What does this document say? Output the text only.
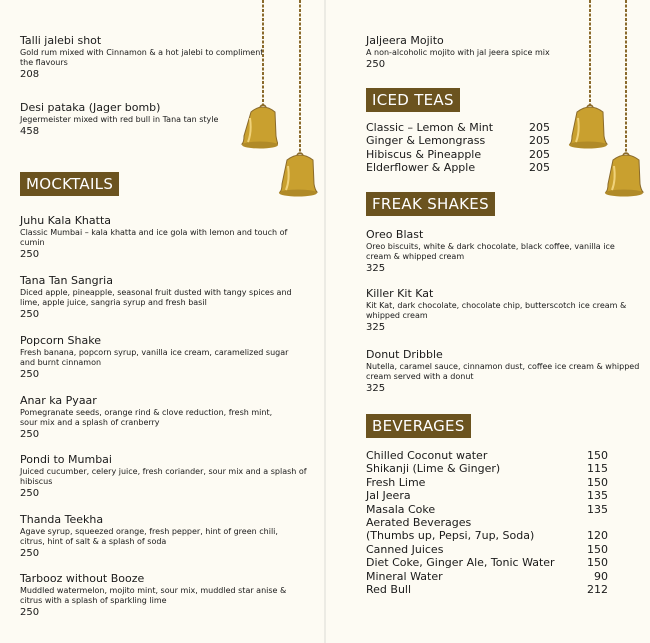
Talli jalebi shot
Gold rum mixed with Cinnamon & a hot jalebi to compliment the flavours
208
Desi pataka (Jager bomb)
Jegermeister mixed with red bull in Tana tan style
458
MOCKTAILS
Juhu Kala Khatta
Classic Mumbai – kala khatta and ice gola with lemon and touch of cumin
250
Tana Tan Sangria
Diced apple, pineapple, seasonal fruit dusted with tangy spices and lime, apple juice, sangria syrup and fresh basil
250
Popcorn Shake
Fresh banana, popcorn syrup, vanilla ice cream, caramelized sugar and burnt cinnamon
250
Anar ka Pyaar
Pomegranate seeds, orange rind & clove reduction, fresh mint, sour mix and a splash of cranberry
250
Pondi to Mumbai
Juiced cucumber, celery juice, fresh coriander, sour mix and a splash of hibiscus
250
Thanda Teekha
Agave syrup, squeezed orange, fresh pepper, hint of green chili, citrus, hint of salt & a splash of soda
250
Tarbooz without Booze
Muddled watermelon, mojito mint, sour mix, muddled star anise & citrus with a splash of sparkling lime
250
Jaljeera Mojito
A non-alcoholic mojito with jal jeera spice mix
250
ICED TEAS
Classic – Lemon & Mint	205
Ginger & Lemongrass	205
Hibiscus & Pineapple	205
Elderflower & Apple	205
FREAK SHAKES
Oreo Blast
Oreo biscuits, white & dark chocolate, black coffee, vanilla ice cream & whipped cream
325
Killer Kit Kat
Kit Kat, dark chocolate, chocolate chip, butterscotch ice cream & whipped cream
325
Donut Dribble
Nutella, caramel sauce, cinnamon dust, coffee ice cream & whipped cream served with a donut
325
BEVERAGES
Chilled Coconut water	150
Shikanji (Lime & Ginger)	115
Fresh Lime	150
Jal Jeera	135
Masala Coke	135
Aerated Beverages
(Thumbs up, Pepsi, 7up, Soda)	120
Canned Juices	150
Diet Coke, Ginger Ale, Tonic Water	150
Mineral Water	90
Red Bull	212
